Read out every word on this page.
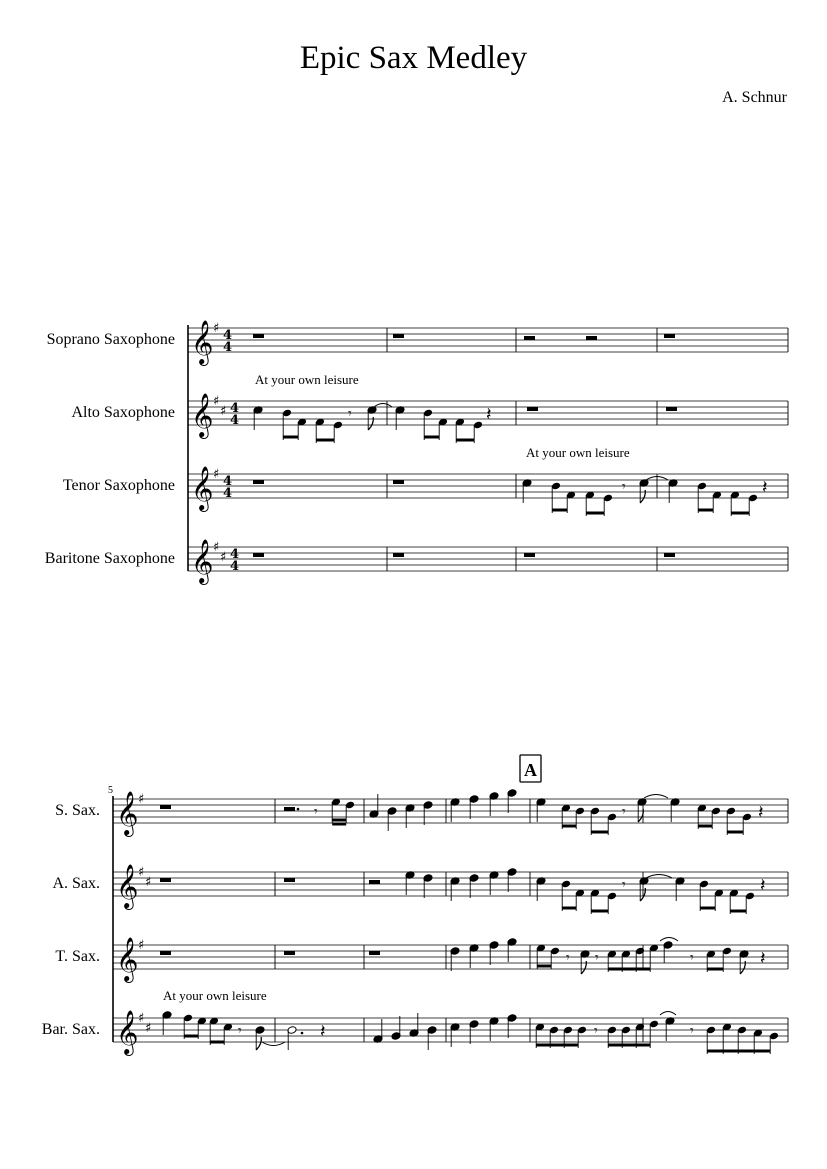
Epic Sax Medley
A. Schnur
Soprano Saxophone
Alto Saxophone
Tenor Saxophone
Baritone Saxophone
At your own leisure
At your own leisure
𝄞 ♯ 4
4
𝄞 ♯
♯ 4
4
𝄞 ♯ 4
4
𝄞 ♯
♯ 4
4
𝄾	𝄽
𝄾	𝄽
5
S. Sax.
A. Sax.
T. Sax.
Bar. Sax.
At your own leisure
A
𝄞 ♯
𝄞 ♯
♯
𝄞 ♯
𝄞 ♯
♯
𝄾	𝄾	𝄽
𝄾	𝄽
𝄾 𝄾	𝄾	𝄽
𝄾	𝄽	𝄾	𝄾
